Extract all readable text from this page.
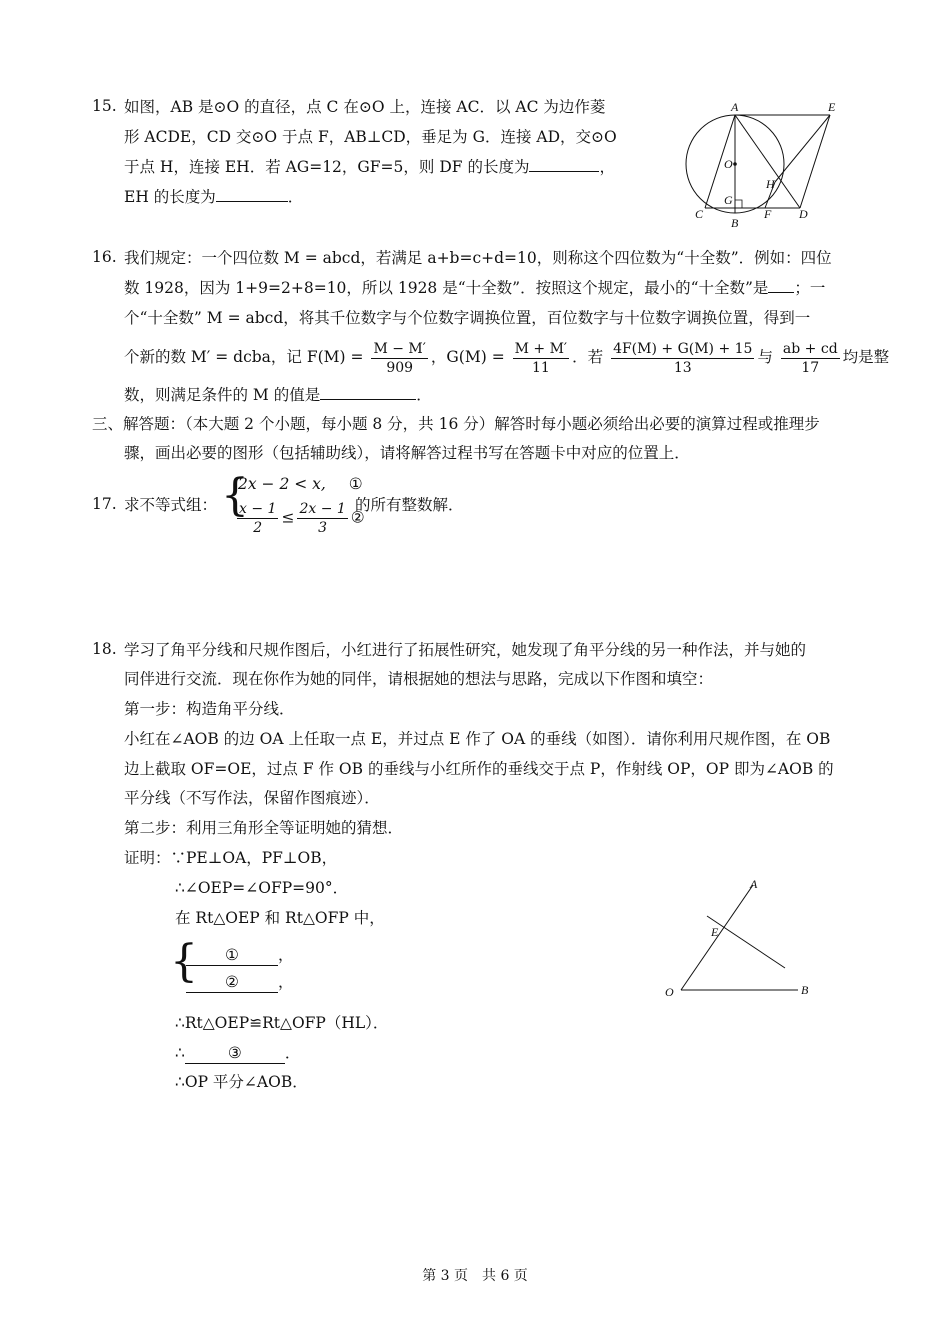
15. 如图，AB 是⊙O 的直径，点 C 在⊙O 上，连接 AC．以 AC 为边作菱
形 ACDE，CD 交⊙O 于点 F，AB⊥CD，垂足为 G．连接 AD，交⊙O
于点 H，连接 EH．若 AG=12，GF=5，则 DF 的长度为	，
EH 的长度为	．
A	E
O
H
G
C
B
F D
16. 我们规定：一个四位数 M = abcd，若满足 a+b=c+d=10，则称这个四位数为“十全数”．例如：四位
数 1928，因为 1+9=2+8=10，所以 1928 是“十全数”．按照这个规定，最小的“十全数”是 ；一
个“十全数” M = abcd，将其千位数字与个位数字调换位置，百位数字与十位数字调换位置，得到一
个新的数 M′ = dcba，记 $F(M) = \frac{M - M'}{909}$ ，$G(M) = \frac{M + M'}{11}$ ．若 $\frac{4F(M) + G(M) + 15}{13}$ 与 $\frac{ab + cd}{17}$ 均是整
数，则满足条件的 M 的值是	．
三、解答题：（本大题 2 个小题，每小题 8 分，共 16 分）解答时每小题必须给出必要的演算过程或推理步
骤，画出必要的图形（包括辅助线），请将解答过程书写在答题卡中对应的位置上．
17. 求不等式组： {
2x − 2 < x, ①
$\frac{x - 1}{2} \le \frac{2x - 1}{3}$ ②
的所有整数解．
18. 学习了角平分线和尺规作图后，小红进行了拓展性研究，她发现了角平分线的另一种作法，并与她的
同伴进行交流．现在你作为她的同伴，请根据她的想法与思路，完成以下作图和填空：
第一步：构造角平分线．
小红在∠AOB 的边 OA 上任取一点 E，并过点 E 作了 OA 的垂线（如图）．请你利用尺规作图，在 OB
边上截取 OF=OE，过点 F 作 OB 的垂线与小红所作的垂线交于点 P，作射线 OP，OP 即为∠AOB 的
平分线（不写作法，保留作图痕迹）．
第二步：利用三角形全等证明她的猜想．
证明：∵PE⊥OA，PF⊥OB，
∴∠OEP=∠OFP=90°．
在 Rt△OEP 和 Rt△OFP 中，
{	①	，
②	，
∴Rt△OEP≌Rt△OFP（HL）．
∴	③	．
∴OP 平分∠AOB．
A
E
O	B
第 3 页　共 6 页
